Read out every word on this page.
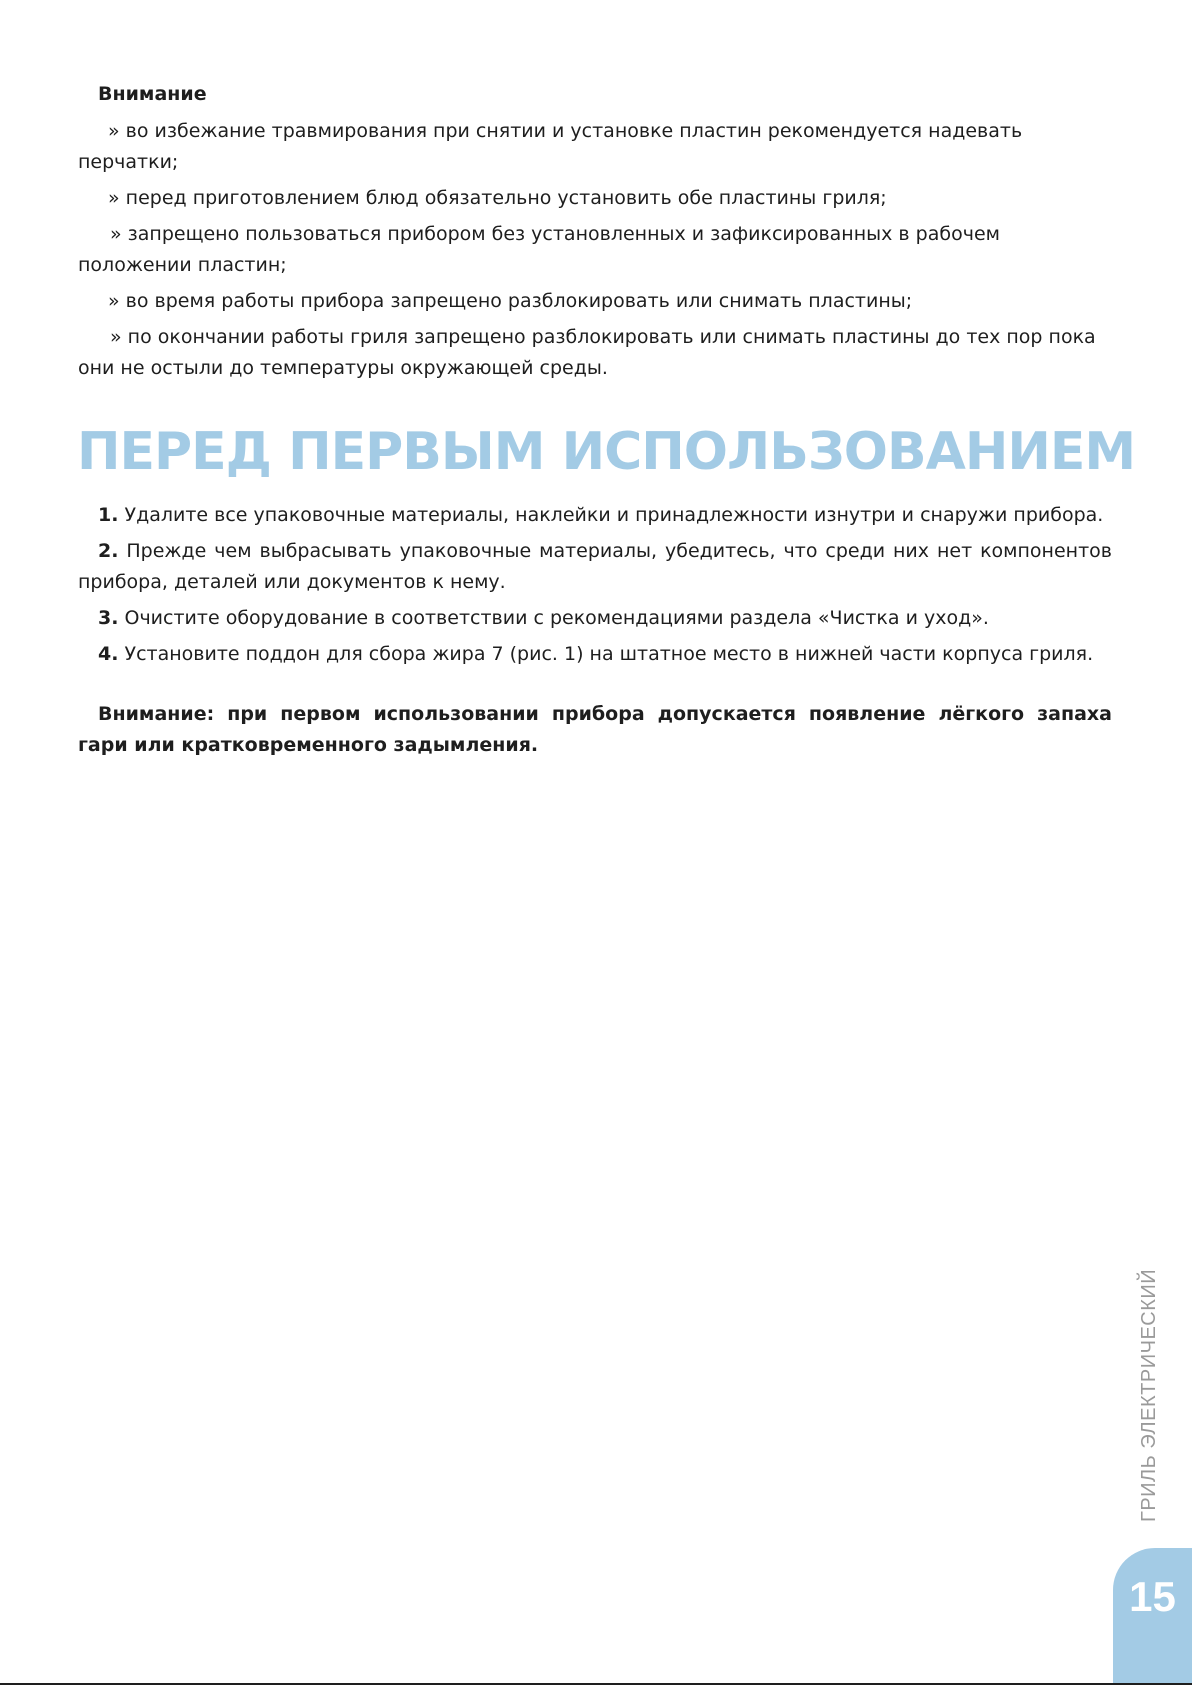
Внимание

» во избежание травмирования при снятии и установке пластин рекомендуется надевать перчатки;

» перед приготовлением блюд обязательно установить обе пластины гриля;

» запрещено пользоваться прибором без установленных и зафиксированных в рабочем положении пластин;

» во время работы прибора запрещено разблокировать или снимать пластины;

» по окончании работы гриля запрещено разблокировать или снимать пластины до тех пор пока они не остыли до температуры окружающей среды.

ПЕРЕД ПЕРВЫМ ИСПОЛЬЗОВАНИЕМ

1. Удалите все упаковочные материалы, наклейки и принадлежности изнутри и снаружи прибора.

2. Прежде чем выбрасывать упаковочные материалы, убедитесь, что среди них нет компонентов прибора, деталей или документов к нему.

3. Очистите оборудование в соответствии с рекомендациями раздела «Чистка и уход».

4. Установите поддон для сбора жира 7 (рис. 1) на штатное место в нижней части корпуса гриля.

Внимание: при первом использовании прибора допускается появление лёгкого запаха гари или кратковременного задымления.

ГРИЛЬ ЭЛЕКТРИЧЕСКИЙ
15
